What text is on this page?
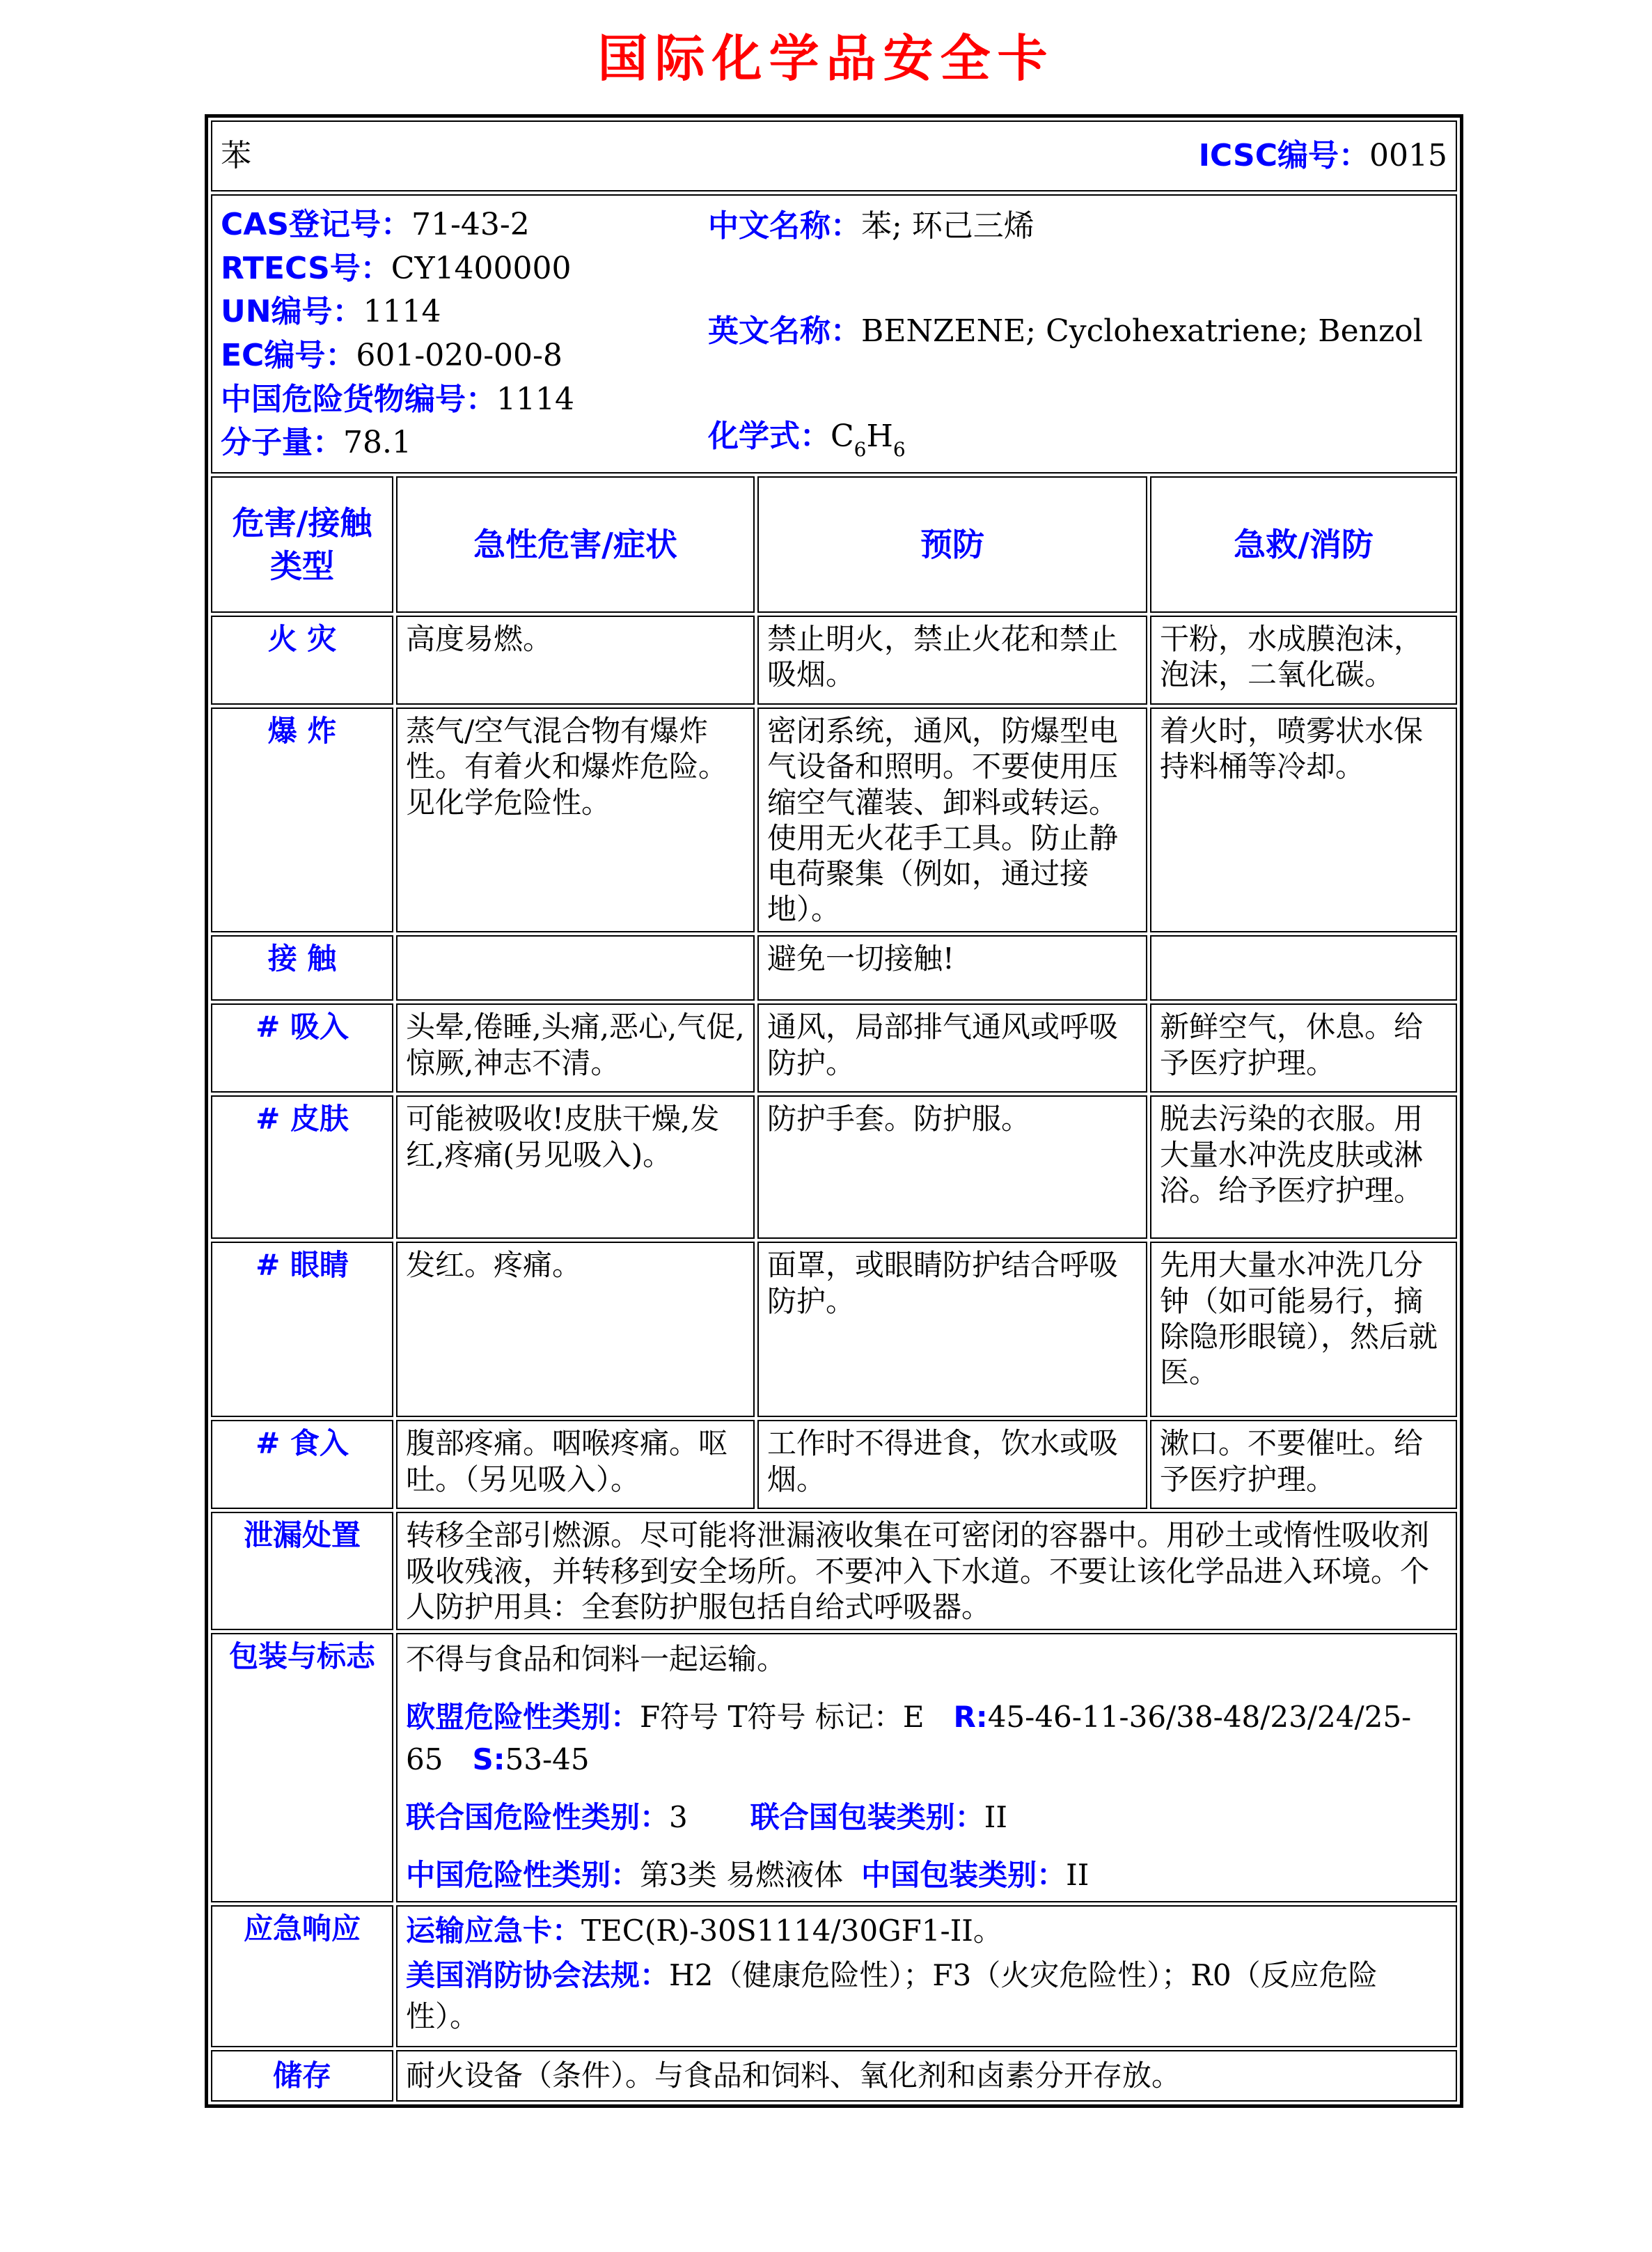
国际化学品安全卡
苯 ICSC编号：0015			

CAS登记号：71-43-2
RTECS号：CY1400000
UN编号：1114
EC编号：601-020-00-8
中国危险货物编号：1114
分子量：78.1
中文名称：苯; 环己三烯
英文名称：BENZENE; Cyclohexatriene; Benzol
化学式：$C_6H_6$

危害/接触类型	急性危害/症状	预防	急救/消防

火 灾	高度易燃。	禁止明火，禁止火花和禁止吸烟。	干粉，水成膜泡沫，泡沫，二氧化碳。
爆 炸	蒸气/空气混合物有爆炸性。有着火和爆炸危险。见化学危险性。	密闭系统，通风，防爆型电气设备和照明。不要使用压缩空气灌装、卸料或转运。使用无火花手工具。防止静电荷聚集（例如，通过接地）。	着火时，喷雾状水保持料桶等冷却。
接 触		避免一切接触!	
# 吸入	头晕,倦睡,头痛,恶心,气促,惊厥,神志不清。	通风，局部排气通风或呼吸防护。	新鲜空气，休息。给予医疗护理。
# 皮肤	可能被吸收!皮肤干燥,发红,疼痛(另见吸入)。	防护手套。防护服。	脱去污染的衣服。用大量水冲洗皮肤或淋浴。给予医疗护理。
# 眼睛	发红。疼痛。	面罩，或眼睛防护结合呼吸防护。	先用大量水冲洗几分钟（如可能易行，摘除隐形眼镜），然后就医。
# 食入	腹部疼痛。咽喉疼痛。呕吐。（另见吸入）。	工作时不得进食，饮水或吸烟。	漱口。不要催吐。给予医疗护理。
泄漏处置	转移全部引燃源。尽可能将泄漏液收集在可密闭的容器中。用砂土或惰性吸收剂吸收残液，并转移到安全场所。不要冲入下水道。不要让该化学品进入环境。个人防护用具：全套防护服包括自给式呼吸器。		
包装与标志	不得与食品和饲料一起运输。

欧盟危险性类别：F符号 T符号 标记：E R:45-46-11-36/38-48/23/24/25-65 S:53-45

联合国危险性类别：3 联合国包装类别：II

中国危险性类别：第3类 易燃液体 中国包装类别：II		

应急响应	运输应急卡：TEC(R)-30S1114/30GF1-II。

美国消防协会法规：H2（健康危险性）；F3（火灾危险性）；R0（反应危险性）。		

储存	耐火设备（条件）。与食品和饲料、氧化剂和卤素分开存放。		
